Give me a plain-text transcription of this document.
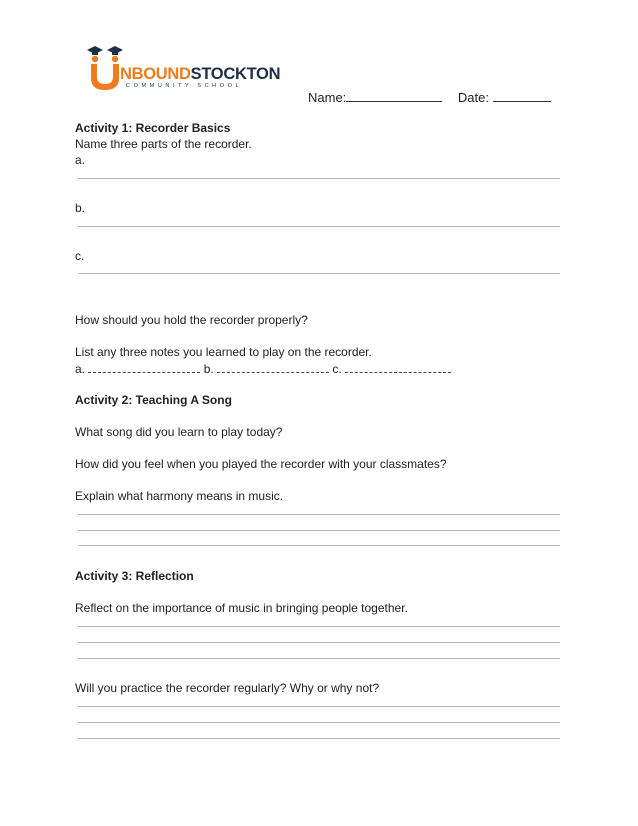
NBOUNDSTOCKTON
COMMUNITY SCHOOL
Name:	Date:
Activity 1: Recorder Basics
Name three parts of the recorder.
a.
b.
c.
How should you hold the recorder properly?
List any three notes you learned to play on the recorder.
a.	b.	c.
Activity 2: Teaching A Song
What song did you learn to play today?
How did you feel when you played the recorder with your classmates?
Explain what harmony means in music.
Activity 3: Reflection
Reflect on the importance of music in bringing people together.
Will you practice the recorder regularly? Why or why not?
